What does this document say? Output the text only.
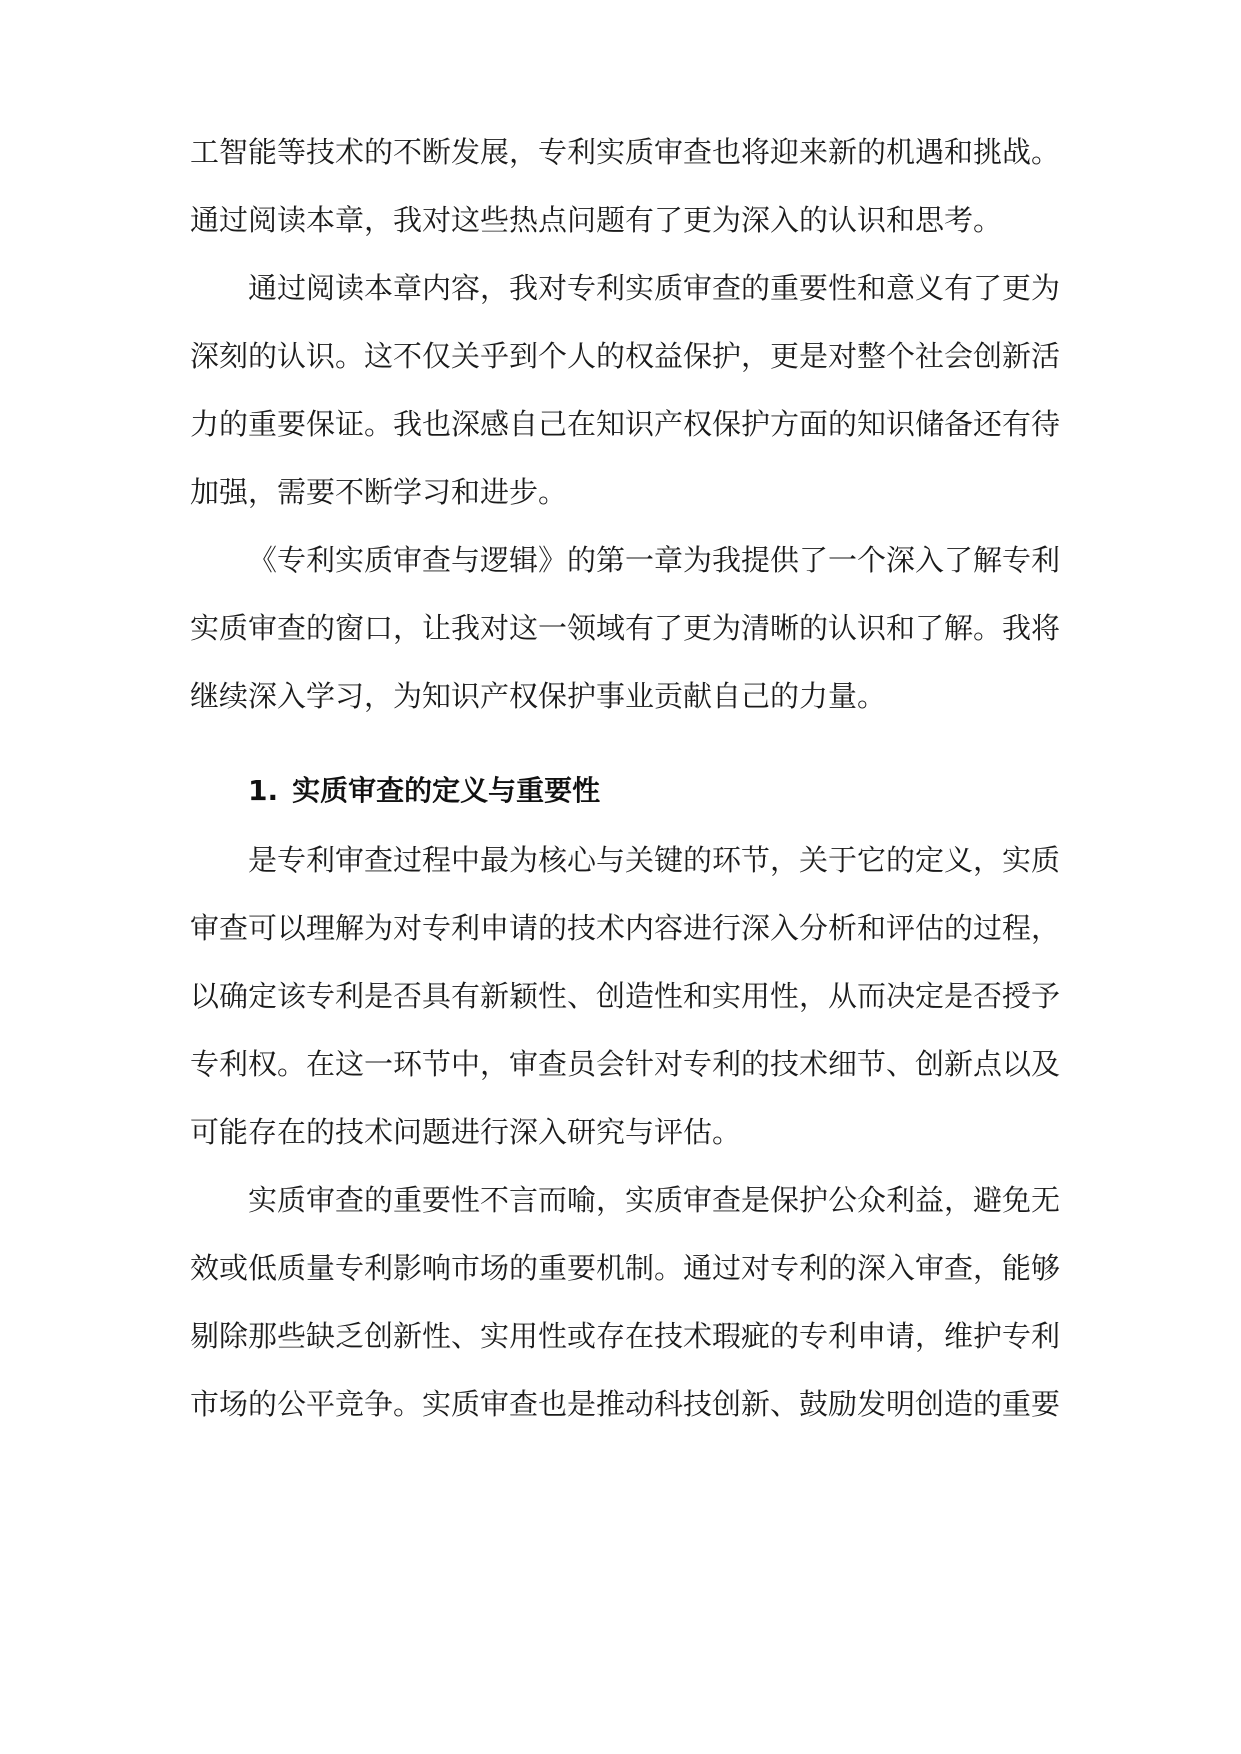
工智能等技术的不断发展，专利实质审查也将迎来新的机遇和挑战。

通过阅读本章，我对这些热点问题有了更为深入的认识和思考。

通过阅读本章内容，我对专利实质审查的重要性和意义有了更为

深刻的认识。这不仅关乎到个人的权益保护，更是对整个社会创新活

力的重要保证。我也深感自己在知识产权保护方面的知识储备还有待

加强，需要不断学习和进步。

《专利实质审查与逻辑》的第一章为我提供了一个深入了解专利

实质审查的窗口，让我对这一领域有了更为清晰的认识和了解。我将

继续深入学习，为知识产权保护事业贡献自己的力量。

1. 实质审查的定义与重要性

是专利审查过程中最为核心与关键的环节，关于它的定义，实质

审查可以理解为对专利申请的技术内容进行深入分析和评估的过程，

以确定该专利是否具有新颖性、创造性和实用性，从而决定是否授予

专利权。在这一环节中，审查员会针对专利的技术细节、创新点以及

可能存在的技术问题进行深入研究与评估。

实质审查的重要性不言而喻，实质审查是保护公众利益，避免无

效或低质量专利影响市场的重要机制。通过对专利的深入审查，能够

剔除那些缺乏创新性、实用性或存在技术瑕疵的专利申请，维护专利

市场的公平竞争。实质审查也是推动科技创新、鼓励发明创造的重要
